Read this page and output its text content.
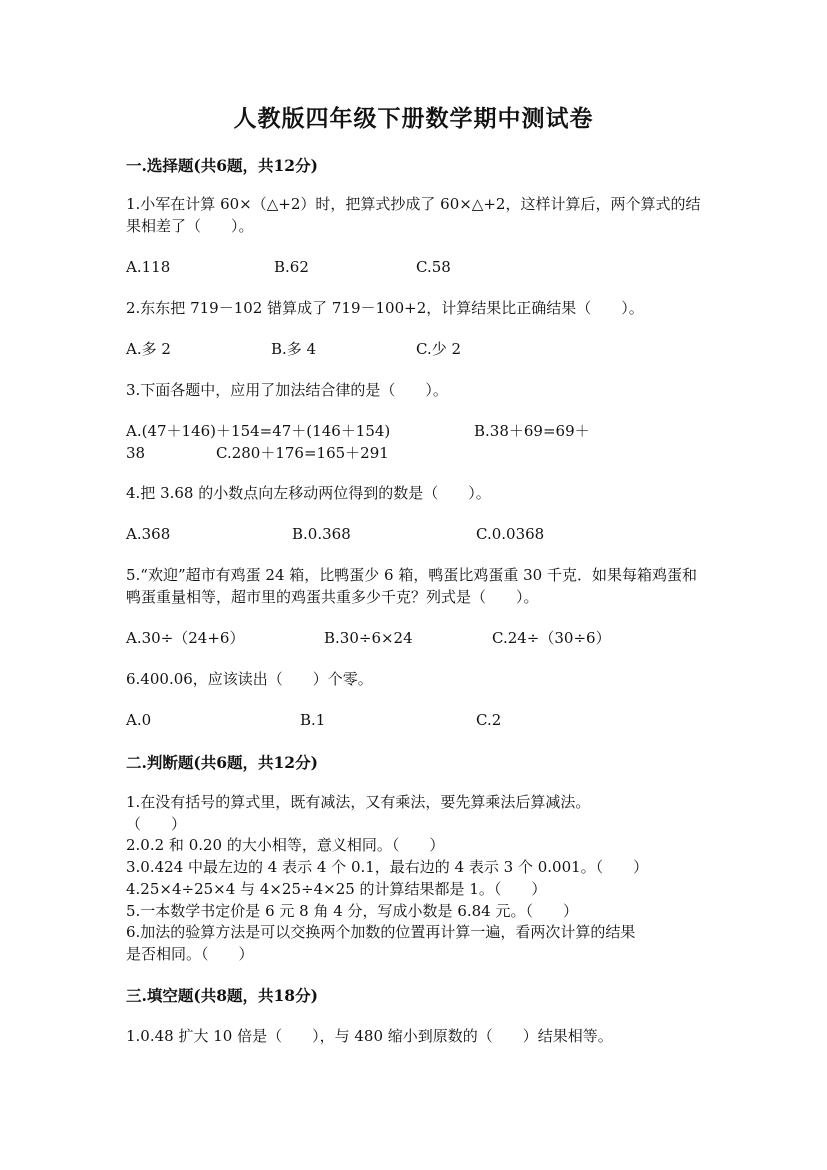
人教版四年级下册数学期中测试卷
一.选择题(共6题，共12分)
1.小军在计算 60×（△+2）时，把算式抄成了 60×△+2，这样计算后，两个算式的结果相差了（　　）。
A.118	B.62	C.58
2.东东把 719－102 错算成了 719－100+2，计算结果比正确结果（　　）。
A.多 2	B.多 4	C.少 2
3.下面各题中，应用了加法结合律的是（　　）。
A.(47＋146)＋154=47＋(146＋154)	B.38＋69=69＋
38	C.280＋176=165＋291
4.把 3.68 的小数点向左移动两位得到的数是（　　）。
A.368	B.0.368	C.0.0368
5.“欢迎”超市有鸡蛋 24 箱，比鸭蛋少 6 箱，鸭蛋比鸡蛋重 30 千克．如果每箱鸡蛋和鸭蛋重量相等，超市里的鸡蛋共重多少千克？列式是（　　）。
A.30÷（24+6）	B.30÷6×24	C.24÷（30÷6）
6.400.06，应该读出（　　）个零。
A.0	B.1	C.2
二.判断题(共6题，共12分)
1.在没有括号的算式里，既有减法，又有乘法，要先算乘法后算减法。
（　　）
2.0.2 和 0.20 的大小相等，意义相同。（　　）
3.0.424 中最左边的 4 表示 4 个 0.1，最右边的 4 表示 3 个 0.001。（　　）
4.25×4÷25×4 与 4×25÷4×25 的计算结果都是 1。（　　）
5.一本数学书定价是 6 元 8 角 4 分，写成小数是 6.84 元。（　　）
6.加法的验算方法是可以交换两个加数的位置再计算一遍，看两次计算的结果
是否相同。（　　）
三.填空题(共8题，共18分)
1.0.48 扩大 10 倍是（　　），与 480 缩小到原数的（　　）结果相等。
